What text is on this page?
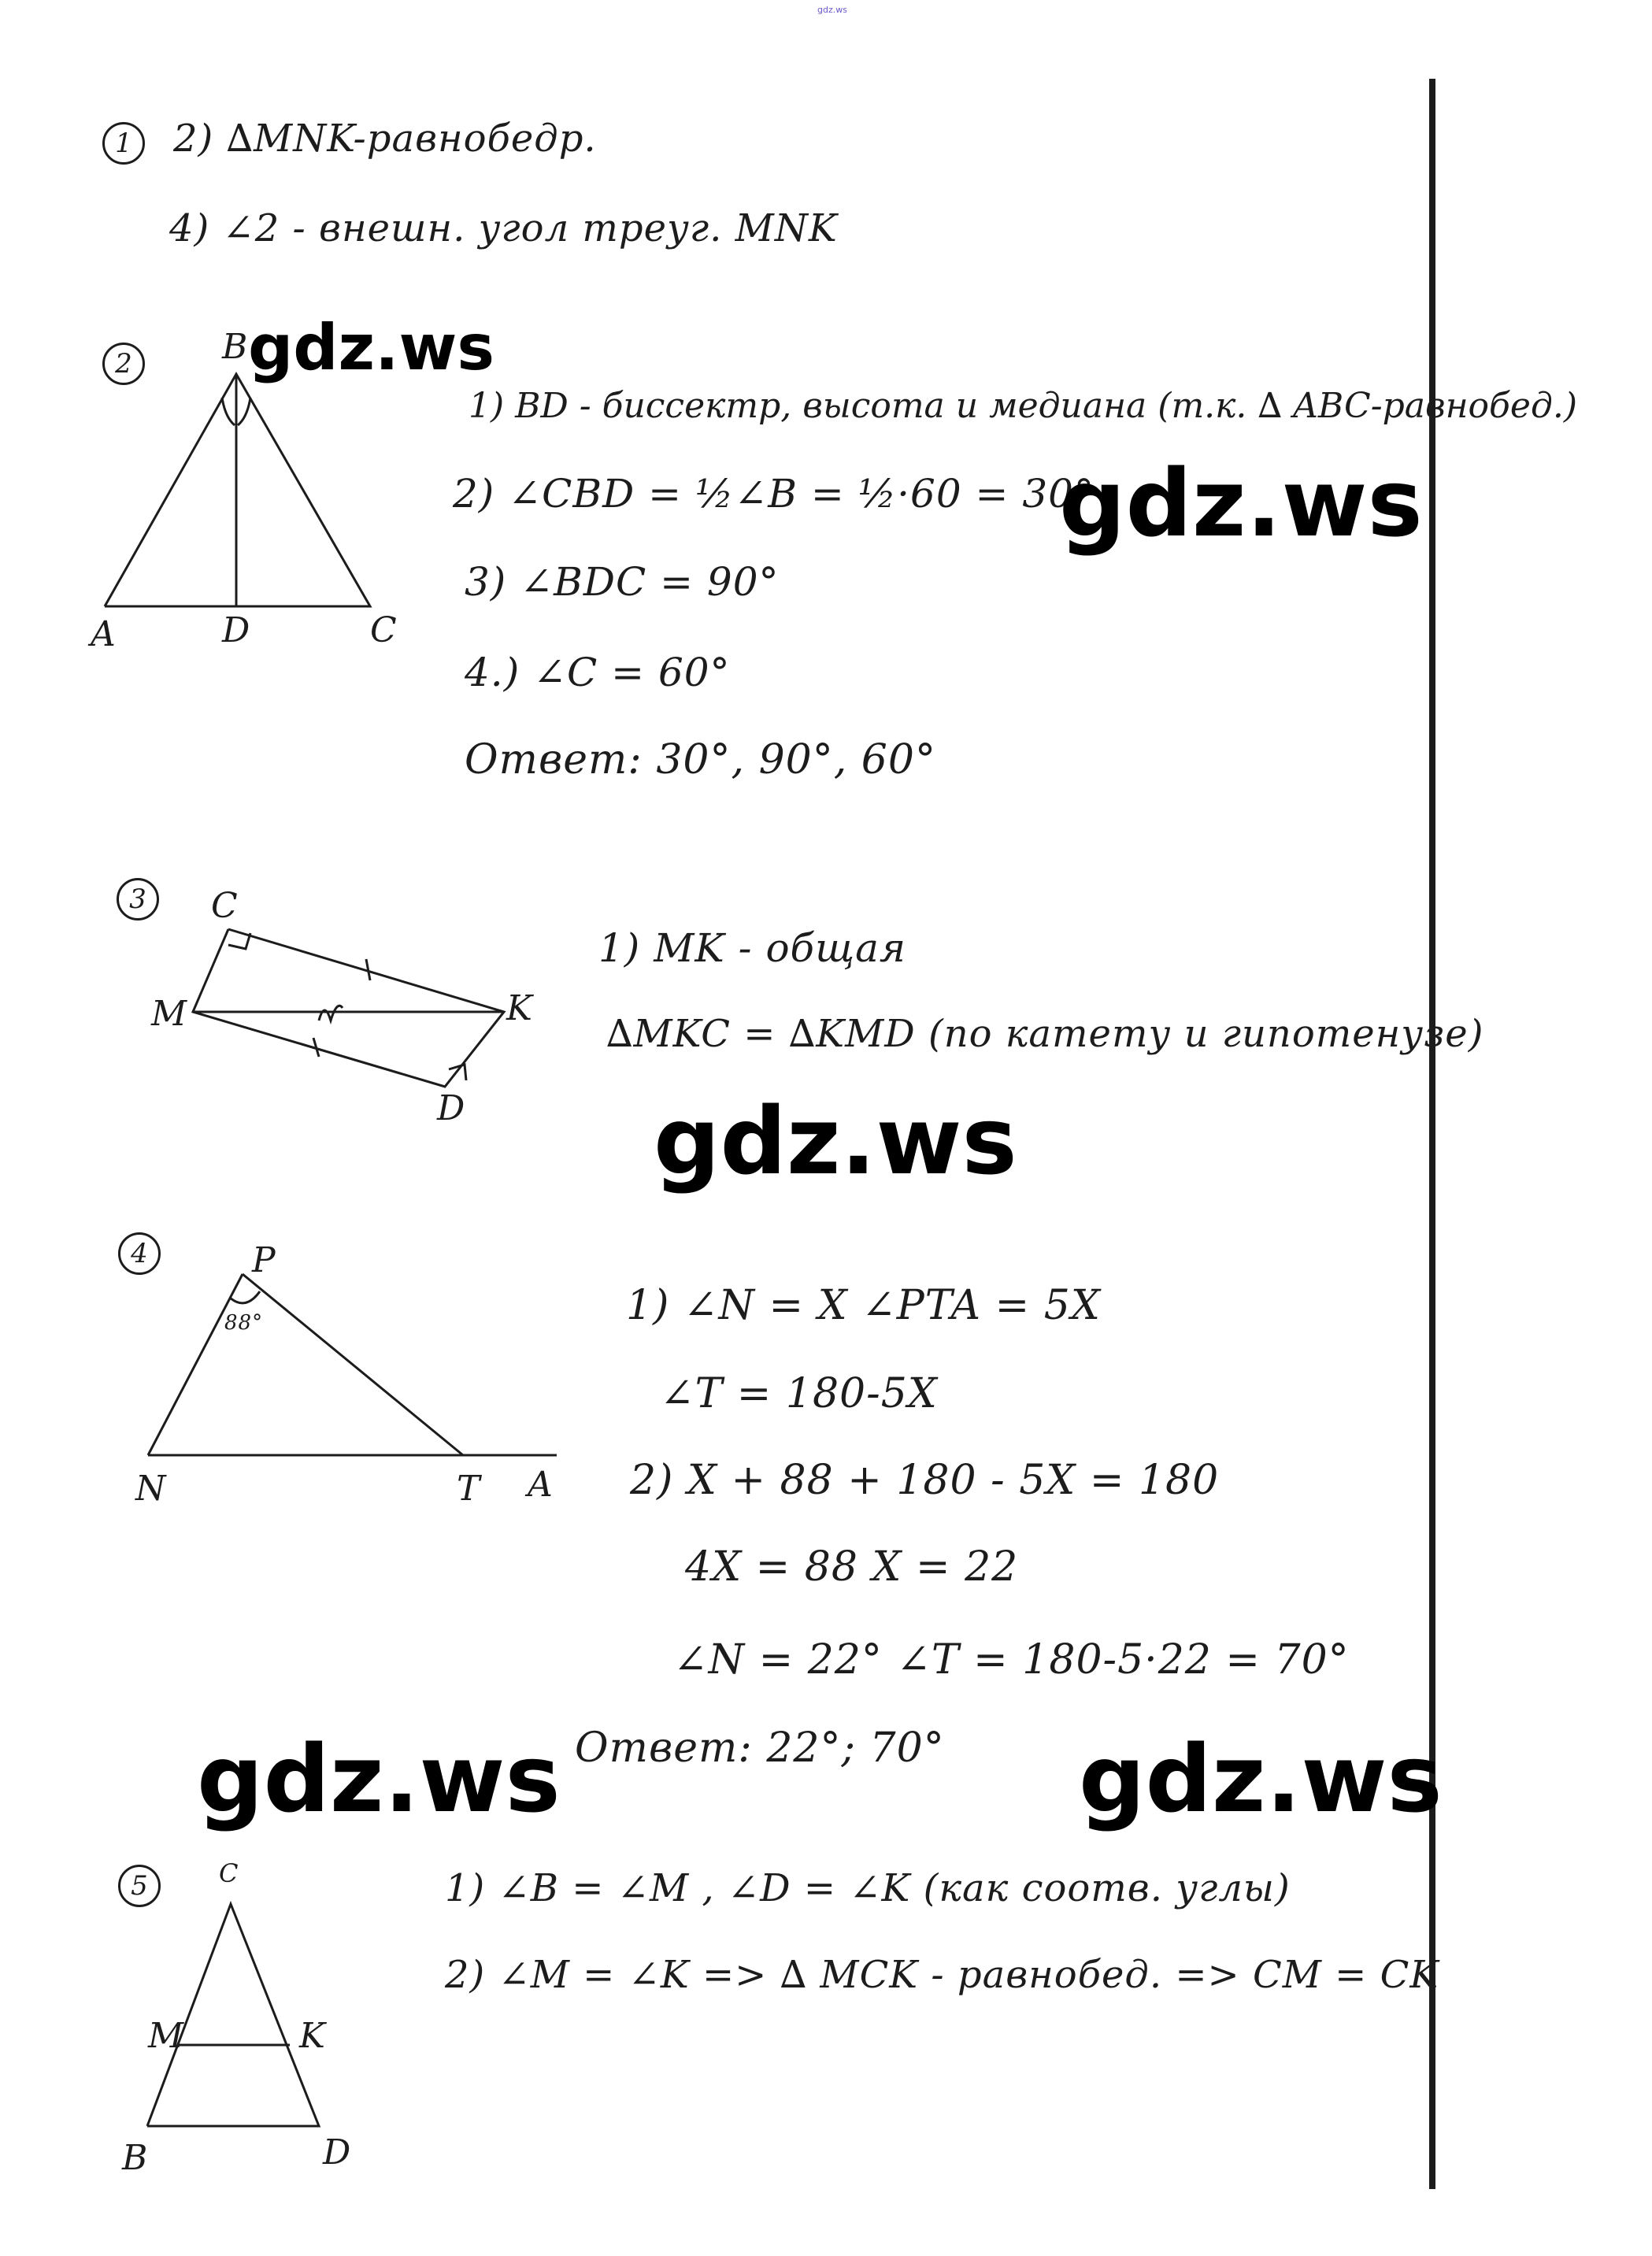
gdz.ws
1	2) ∆MNK-равнобедр.
4) ∠2 - внешн. угол треуг. MNK
2	B
A	D	C
1) BD - биссектр, высота и медиана (т.к. ∆ ABC-равнобед.)
2) ∠CBD = ½∠B = ½·60 = 30°
3) ∠BDC = 90°
4.) ∠C = 60°
Ответ: 30°, 90°, 60°
3	C
M	K
D
1) MK - общая
∆MKC = ∆KMD (по катету и гипотенузе)
4	P
88°
N	T A
1) ∠N = X ∠PTA = 5X
∠T = 180-5X
2) X + 88 + 180 - 5X = 180
4X = 88 X = 22
∠N = 22° ∠T = 180-5·22 = 70°
Ответ: 22°; 70°
5	C
M	K
B	D
1) ∠B = ∠M , ∠D = ∠K (как соотв. углы)
2) ∠M = ∠K => ∆ MCK - равнобед. => CM = CK
gdz.ws
gdz.ws
gdz.ws
gdz.ws	gdz.ws
